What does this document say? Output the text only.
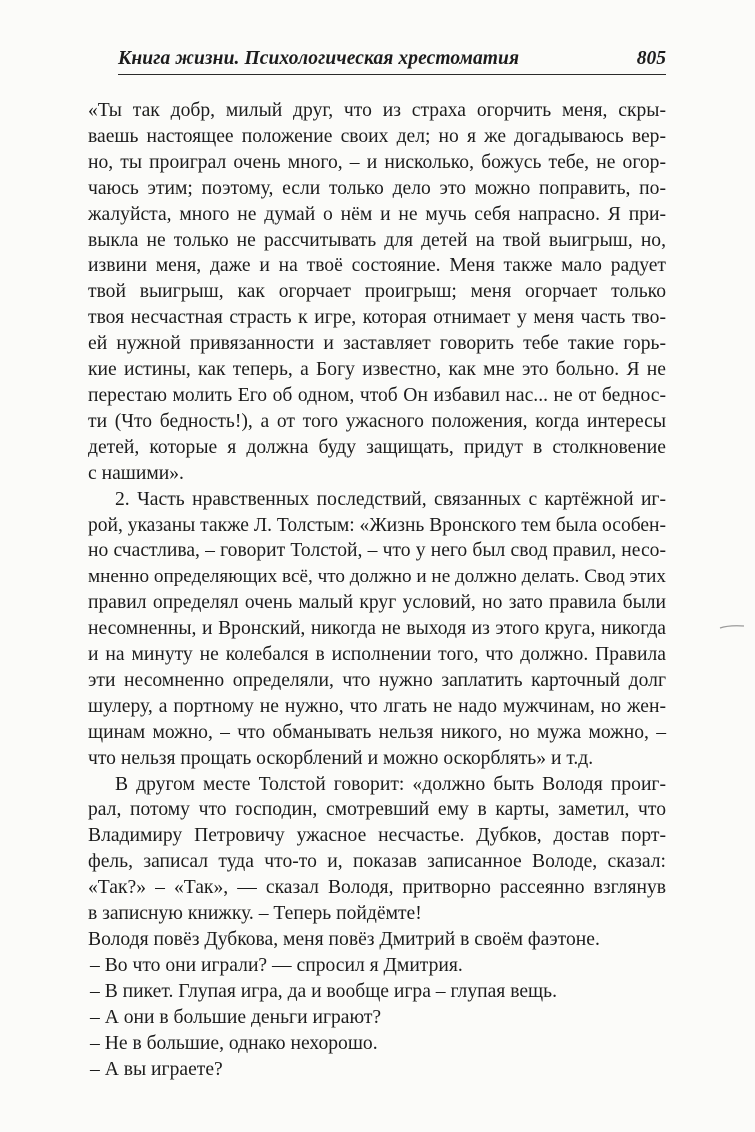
Книга жизни. Психологическая хрестоматия	805

«Ты так добр, милый друг, что из страха огорчить меня, скры-
ваешь настоящее положение своих дел; но я же догадываюсь вер-
но, ты проиграл очень много, – и нисколько, божусь тебе, не огор-
чаюсь этим; поэтому, если только дело это можно поправить, по-
жалуйста, много не думай о нём и не мучь себя напрасно. Я при-
выкла не только не рассчитывать для детей на твой выигрыш, но,
извини меня, даже и на твоё состояние. Меня также мало радует
твой выигрыш, как огорчает проигрыш; меня огорчает только
твоя несчастная страсть к игре, которая отнимает у меня часть тво-
ей нужной привязанности и заставляет говорить тебе такие горь-
кие истины, как теперь, а Богу известно, как мне это больно. Я не
перестаю молить Его об одном, чтоб Он избавил нас... не от беднос-
ти (Что бедность!), а от того ужасного положения, когда интересы
детей, которые я должна буду защищать, придут в столкновение
с нашими».

2. Часть нравственных последствий, связанных с картёжной иг-
рой, указаны также Л. Толстым: «Жизнь Вронского тем была особен-
но счастлива, – говорит Толстой, – что у него был свод правил, несо-
мненно определяющих всё, что должно и не должно делать. Свод этих
правил определял очень малый круг условий, но зато правила были
несомненны, и Вронский, никогда не выходя из этого круга, никогда
и на минуту не колебался в исполнении того, что должно. Правила
эти несомненно определяли, что нужно заплатить карточный долг
шулеру, а портному не нужно, что лгать не надо мужчинам, но жен-
щинам можно, – что обманывать нельзя никого, но мужа можно, –
что нельзя прощать оскорблений и можно оскорблять» и т.д.

В другом месте Толстой говорит: «должно быть Володя проиг-
рал, потому что господин, смотревший ему в карты, заметил, что
Владимиру Петровичу ужасное несчастье. Дубков, достав порт-
фель, записал туда что-то и, показав записанное Володе, сказал:
«Так?» – «Так», — сказал Володя, притворно рассеянно взглянув
в записную книжку. – Теперь пойдёмте!

Володя повёз Дубкова, меня повёз Дмитрий в своём фаэтоне.
– Во что они играли? — спросил я Дмитрия.
– В пикет. Глупая игра, да и вообще игра – глупая вещь.
– А они в большие деньги играют?
– Не в большие, однако нехорошо.
– А вы играете?
